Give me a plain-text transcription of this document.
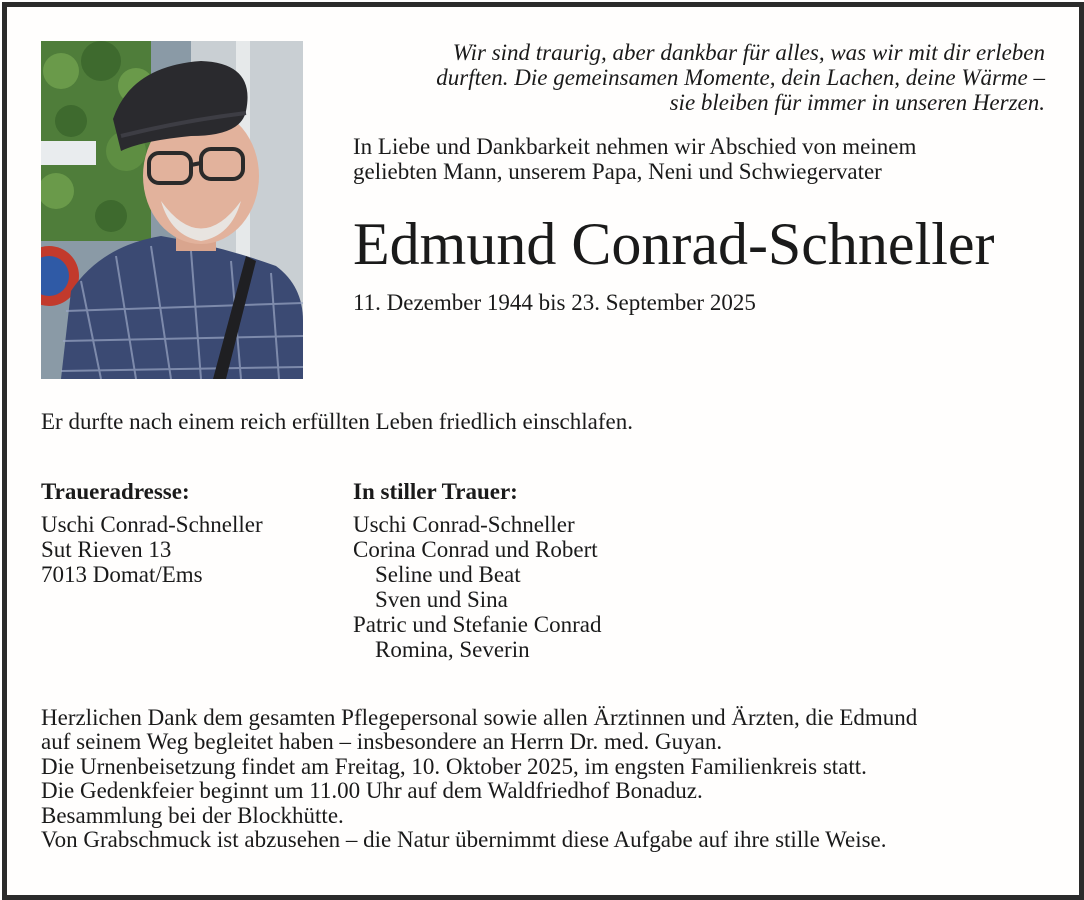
Wir sind traurig, aber dankbar für alles, was wir mit dir erleben
durften. Die gemeinsamen Momente, dein Lachen, deine Wärme –
sie bleiben für immer in unseren Herzen.
In Liebe und Dankbarkeit nehmen wir Abschied von meinem
geliebten Mann, unserem Papa, Neni und Schwiegervater
Edmund Conrad-Schneller
11. Dezember 1944 bis 23. September 2025
Er durfte nach einem reich erfüllten Leben friedlich einschlafen.
Traueradresse:
Uschi Conrad-Schneller
Sut Rieven 13
7013 Domat/Ems
In stiller Trauer:
Uschi Conrad-Schneller
Corina Conrad und Robert
Seline und Beat
Sven und Sina
Patric und Stefanie Conrad
Romina, Severin
Herzlichen Dank dem gesamten Pflegepersonal sowie allen Ärztinnen und Ärzten, die Edmund
auf seinem Weg begleitet haben – insbesondere an Herrn Dr. med. Guyan.
Die Urnenbeisetzung findet am Freitag, 10. Oktober 2025, im engsten Familienkreis statt.
Die Gedenkfeier beginnt um 11.00 Uhr auf dem Waldfriedhof Bonaduz.
Besammlung bei der Blockhütte.
Von Grabschmuck ist abzusehen – die Natur übernimmt diese Aufgabe auf ihre stille Weise.
